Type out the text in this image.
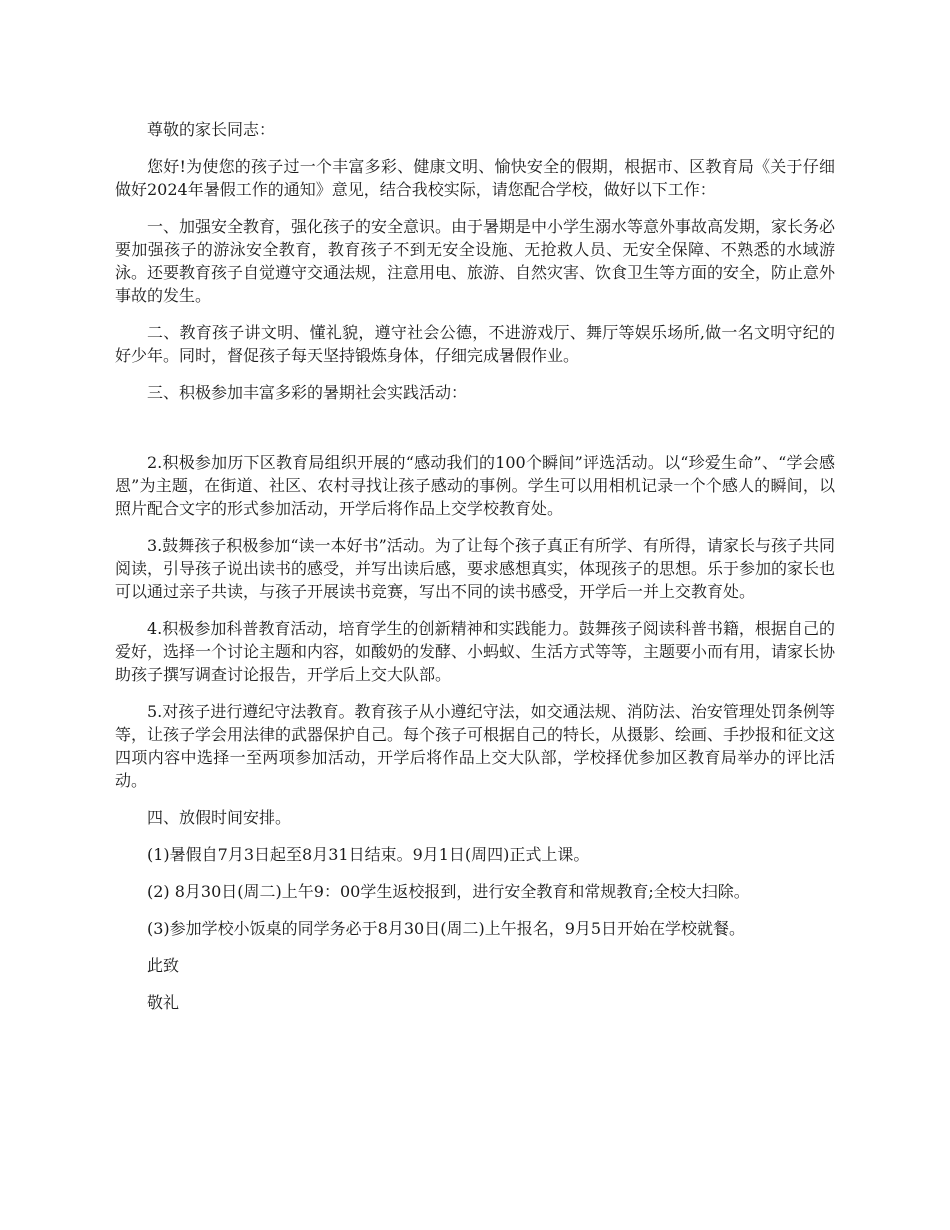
尊敬的家长同志：

您好!为使您的孩子过一个丰富多彩、健康文明、愉快安全的假期，根据市、区教育局《关于仔细做好2024年暑假工作的通知》意见，结合我校实际，请您配合学校，做好以下工作：

一、加强安全教育，强化孩子的安全意识。由于暑期是中小学生溺水等意外事故高发期，家长务必要加强孩子的游泳安全教育，教育孩子不到无安全设施、无抢救人员、无安全保障、不熟悉的水域游泳。还要教育孩子自觉遵守交通法规，注意用电、旅游、自然灾害、饮食卫生等方面的安全，防止意外事故的发生。

二、教育孩子讲文明、懂礼貌，遵守社会公德，不进游戏厅、舞厅等娱乐场所,做一名文明守纪的好少年。同时，督促孩子每天坚持锻炼身体，仔细完成暑假作业。

三、积极参加丰富多彩的暑期社会实践活动：

2.积极参加历下区教育局组织开展的“感动我们的100个瞬间”评选活动。以“珍爱生命”、“学会感恩”为主题，在街道、社区、农村寻找让孩子感动的事例。学生可以用相机记录一个个感人的瞬间，以照片配合文字的形式参加活动，开学后将作品上交学校教育处。

3.鼓舞孩子积极参加“读一本好书”活动。为了让每个孩子真正有所学、有所得，请家长与孩子共同阅读，引导孩子说出读书的感受，并写出读后感，要求感想真实，体现孩子的思想。乐于参加的家长也可以通过亲子共读，与孩子开展读书竞赛，写出不同的读书感受，开学后一并上交教育处。

4.积极参加科普教育活动，培育学生的创新精神和实践能力。鼓舞孩子阅读科普书籍，根据自己的爱好，选择一个讨论主题和内容，如酸奶的发酵、小蚂蚁、生活方式等等，主题要小而有用，请家长协助孩子撰写调查讨论报告，开学后上交大队部。

5.对孩子进行遵纪守法教育。教育孩子从小遵纪守法，如交通法规、消防法、治安管理处罚条例等等，让孩子学会用法律的武器保护自己。每个孩子可根据自己的特长，从摄影、绘画、手抄报和征文这四项内容中选择一至两项参加活动，开学后将作品上交大队部，学校择优参加区教育局举办的评比活动。

四、放假时间安排。

(1)暑假自7月3日起至8月31日结束。9月1日(周四)正式上课。

(2) 8月30日(周二)上午9：00学生返校报到，进行安全教育和常规教育;全校大扫除。

(3)参加学校小饭桌的同学务必于8月30日(周二)上午报名，9月5日开始在学校就餐。

此致

敬礼
